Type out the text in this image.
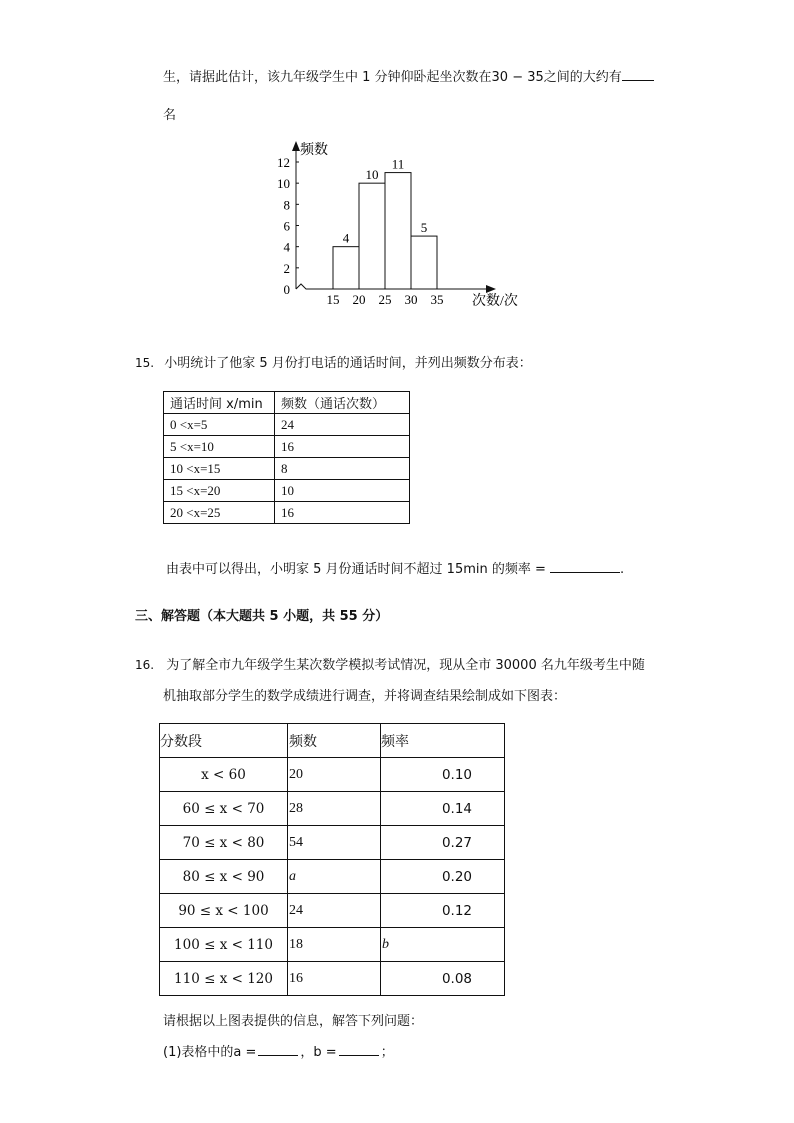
生，请据此估计，该九年级学生中 1 分钟仰卧起坐次数在30 − 35之间的大约有
名
频数
次数/次
0
2
4
6
8
10
12
15 20 25 30 35
4
10
11
5
15. 小明统计了他家 5 月份打电话的通话时间，并列出频数分布表：
通话时间 x/min	频数（通话次数）
0 <x=5	24
5 <x=10	16
10 <x=15	8
15 <x=20	10
20 <x=25	16
由表中可以得出，小明家 5 月份通话时间不超过 15min 的频率 =	.
三、解答题（本大题共 5 小题，共 55 分）
16. 为了解全市九年级学生某次数学模拟考试情况，现从全市 30000 名九年级考生中随
机抽取部分学生的数学成绩进行调查，并将调查结果绘制成如下图表：
分数段	频数	频率
x < 60	20	0.10
60 ≤ x < 70	28	0.14
70 ≤ x < 80	54	0.27
80 ≤ x < 90	a	0.20
90 ≤ x < 100	24	0.12
100 ≤ x < 110	18	b
110 ≤ x < 120	16	0.08
请根据以上图表提供的信息，解答下列问题：
(1)表格中的a =	，b =	；
